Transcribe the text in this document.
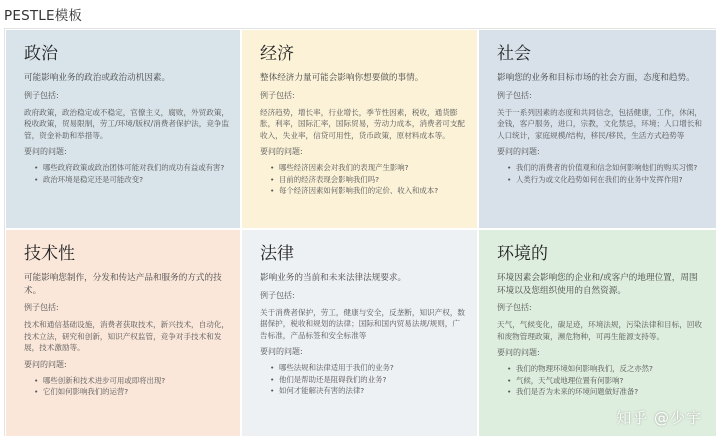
PESTLE模板
政治

可能影响业务的政治或政治动机因素。

例子包括:

政府政策，政治稳定或不稳定，官僚主义，腐败，外贸政策，税收政策，贸易限制，劳工/环境/版权/消费者保护法，竞争监管，资金补助和举措等。

要问的问题:

• 哪些政府政策或政治团体可能对我们的成功有益或有害?
• 政治环境是稳定还是可能改变?
经济

整体经济力量可能会影响你想要做的事情。

例子包括:

经济趋势，增长率，行业增长，季节性因素，税收，通货膨胀，利率，国际汇率，国际贸易，劳动力成本，消费者可支配收入，失业率，信贷可用性，货币政策，原材料成本等。

要问的问题:

• 哪些经济因素会对我们的表现产生影响?
• 目前的经济表现会影响我们吗?
• 每个经济因素如何影响我们的定价、收入和成本?
社会

影响您的业务和目标市场的社会方面，态度和趋势。

例子包括:

关于一系列因素的态度和共同信念，包括健康，工作，休闲，金钱，客户服务，进口，宗教，文化禁忌，环境；人口增长和人口统计，家庭规模/结构，移民/移民，生活方式趋势等

要问的问题:

• 我们的消费者的价值观和信念如何影响他们的购买习惯?
• 人类行为或文化趋势如何在我们的业务中发挥作用?
技术性

可能影响您制作，分发和传达产品和服务的方式的技术。

例子包括:

技术和通信基础设施，消费者获取技术，新兴技术，自动化，技术立法，研究和创新，知识产权监管，竞争对手技术和发展，技术激励等。

要问的问题:

• 哪些创新和技术进步可用或即将出现?
• 它们如何影响我们的运营?
法律

影响业务的当前和未来法律法规要求。

例子包括:

关于消费者保护，劳工，健康与安全，反垄断，知识产权，数据保护，税收和规划的法律；国际和国内贸易法规/规则，广告标准，产品标签和安全标准等

要问的问题:

• 哪些法规和法律适用于我们的业务?
• 他们是帮助还是阻碍我们的业务?
• 如何才能解决有害的法律?
环境的

环境因素会影响您的企业和/或客户的地理位置，周围环境以及您组织使用的自然资源。

例子包括:

天气，气候变化，碳足迹，环境法规，污染法律和目标，回收和废物管理政策，濒危物种，可再生能源支持等。

要问的问题:

• 我们的物理环境如何影响我们，反之亦然?
• 气候，天气或地理位置有何影响?
• 我们是否为未来的环境问题做好准备?
知乎 @少宇
